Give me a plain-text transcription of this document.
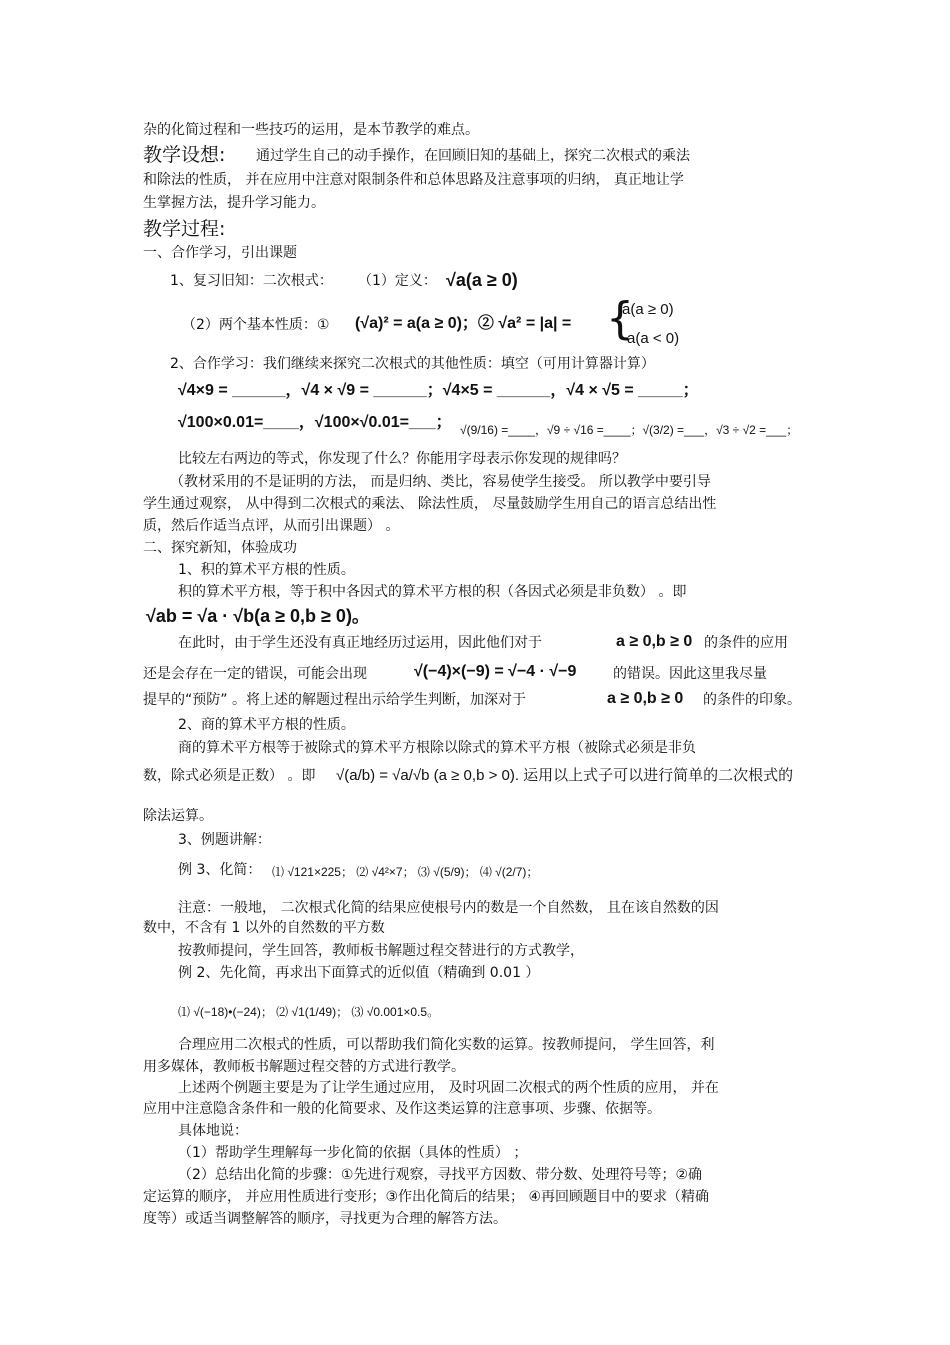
杂的化简过程和一些技巧的运用，是本节教学的难点。
教学设想: 通过学生自己的动手操作，在回顾旧知的基础上，探究二次根式的乘法
和除法的性质， 并在应用中注意对限制条件和总体思路及注意事项的归纳， 真正地让学
生掌握方法，提升学习能力。
教学过程:
一、合作学习，引出课题
1、复习旧知：二次根式： （1）定义： √a(a ≥ 0)
（2）两个基本性质：① (√a)² = a(a ≥ 0)；② √a² = |a| = {
a(a ≥ 0)
-a(a < 0)
2、合作学习：我们继续来探究二次根式的其他性质：填空（可用计算器计算）
√4×9 = ______，√4 × √9 = ______；√4×5 = ______，√4 × √5 = _____；
√100×0.01=____，√100×√0.01=___； √(9/16) =____，√9 ÷ √16 =____；√(3/2) =___，√3 ÷ √2 =___；
比较左右两边的等式，你发现了什么？你能用字母表示你发现的规律吗？
（教材采用的不是证明的方法， 而是归纳、类比，容易使学生接受。 所以教学中要引导
学生通过观察， 从中得到二次根式的乘法、 除法性质， 尽量鼓励学生用自己的语言总结出性
质，然后作适当点评，从而引出课题） 。
二、探究新知，体验成功
1、积的算术平方根的性质。
积的算术平方根，等于积中各因式的算术平方根的积（各因式必须是非负数） 。即
√ab = √a · √b(a ≥ 0,b ≥ 0)。
在此时，由于学生还没有真正地经历过运用，因此他们对于	a ≥ 0,b ≥ 0 的条件的应用
还是会存在一定的错误，可能会出现	√(−4)×(−9) = √−4 · √−9	的错误。因此这里我尽量
提早的“预防” 。将上述的解题过程出示给学生判断，加深对于	a ≥ 0,b ≥ 0 的条件的印象。
2、商的算术平方根的性质。
商的算术平方根等于被除式的算术平方根除以除式的算术平方根（被除式必须是非负
数，除式必须是正数） 。即 √(a/b) = √a/√b (a ≥ 0,b > 0). 运用以上式子可以进行简单的二次根式的
除法运算。
3、例题讲解：
例 3、化简： ⑴ √121×225； ⑵ √4²×7； ⑶ √(5/9)； ⑷ √(2/7)；
注意：一般地， 二次根式化简的结果应使根号内的数是一个自然数， 且在该自然数的因
数中，不含有 1 以外的自然数的平方数
按教师提问，学生回答，教师板书解题过程交替进行的方式教学，
例 2、先化简，再求出下面算式的近似值（精确到 0.01 ）
⑴ √(−18)•(−24)； ⑵ √1(1/49)； ⑶ √0.001×0.5。
合理应用二次根式的性质，可以帮助我们简化实数的运算。按教师提问， 学生回答，利
用多媒体，教师板书解题过程交替的方式进行教学。
上述两个例题主要是为了让学生通过应用， 及时巩固二次根式的两个性质的应用， 并在
应用中注意隐含条件和一般的化简要求、及作这类运算的注意事项、步骤、依据等。
具体地说：
（1）帮助学生理解每一步化简的依据（具体的性质） ；
（2）总结出化简的步骤：①先进行观察，寻找平方因数、带分数、处理符号等；②确
定运算的顺序， 并应用性质进行变形；③作出化简后的结果； ④再回顾题目中的要求（精确
度等）或适当调整解答的顺序，寻找更为合理的解答方法。
